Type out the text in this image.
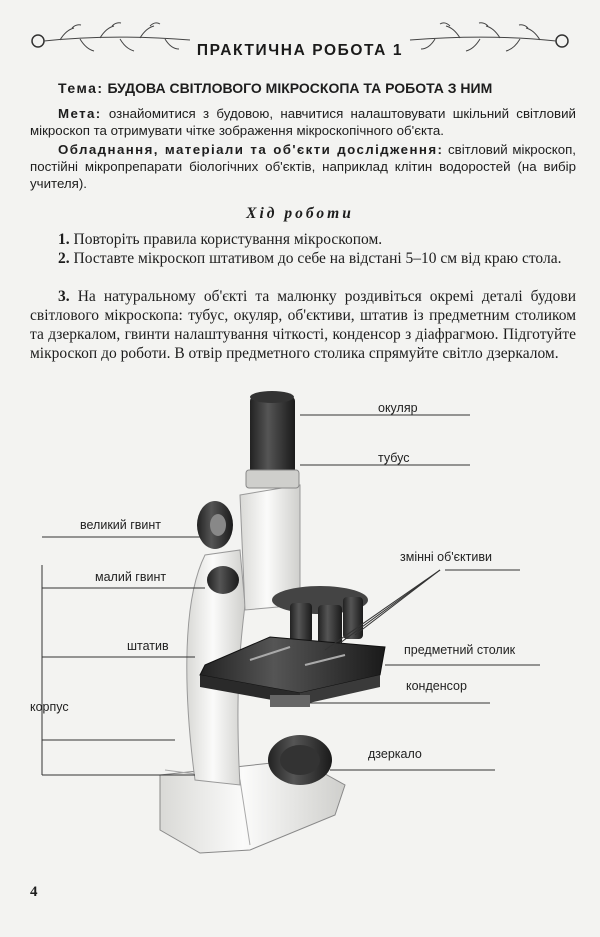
ПРАКТИЧНА РОБОТА 1
Тема: БУДОВА СВІТЛОВОГО МІКРОСКОПА ТА РОБОТА З НИМ
Мета: ознайомитися з будовою, навчитися налаштовувати шкільний світловий мікроскоп та отримувати чітке зображення мікроскопічного об'єкта.
Обладнання, матеріали та об'єкти дослідження: світловий мікроскоп, постійні мікропрепарати біологічних об'єктів, наприклад клітин водоростей (на вибір учителя).
Хід роботи
1. Повторіть правила користування мікроскопом.
2. Поставте мікроскоп штативом до себе на відстані 5–10 см від краю стола.
3. На натуральному об'єкті та малюнку роздивіться окремі деталі будови світлового мікроскопа: тубус, окуляр, об'єктиви, штатив із предметним столиком та дзеркалом, гвинти налаштування чіткості, конденсор з діафрагмою. Підготуйте мікроскоп до роботи. В отвір предметного столика спрямуйте світло дзеркалом.
окуляр
тубус
великий гвинт
змінні об'єктиви
малий гвинт
штатив	предметний столик
конденсор
корпус
дзеркало
4
